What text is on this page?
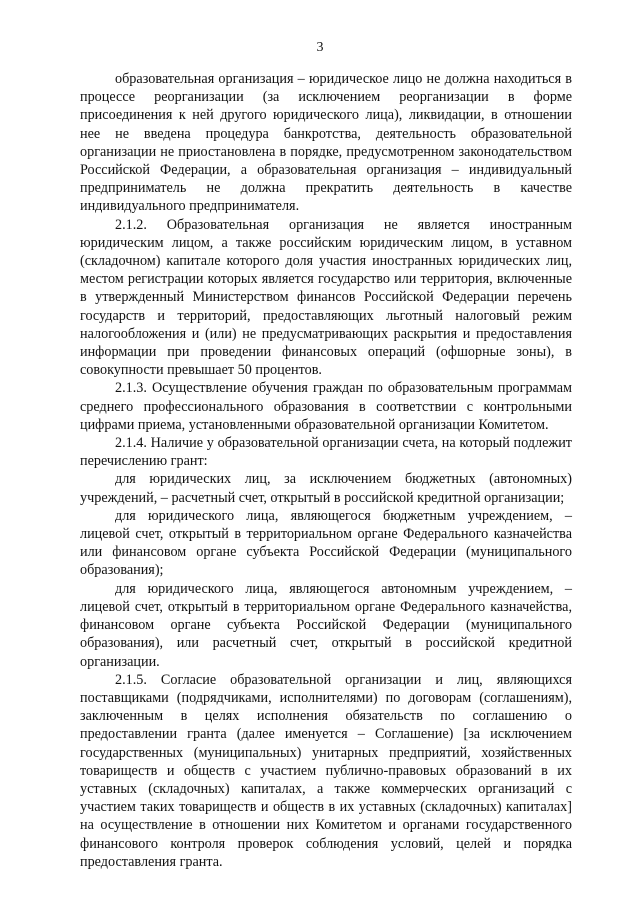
3

образовательная организация – юридическое лицо не должна находиться в процессе реорганизации (за исключением реорганизации в форме присоединения к ней другого юридического лица), ликвидации, в отношении нее не введена процедура банкротства, деятельность образовательной организации не приостановлена в порядке, предусмотренном законодательством Российской Федерации, а образовательная организация – индивидуальный предприниматель не должна прекратить деятельность в качестве индивидуального предпринимателя.

2.1.2. Образовательная организация не является иностранным юридическим лицом, а также российским юридическим лицом, в уставном (складочном) капитале которого доля участия иностранных юридических лиц, местом регистрации которых является государство или территория, включенные в утвержденный Министерством финансов Российской Федерации перечень государств и территорий, предоставляющих льготный налоговый режим налогообложения и (или) не предусматривающих раскрытия и предоставления информации при проведении финансовых операций (офшорные зоны), в совокупности превышает 50 процентов.

2.1.3. Осуществление обучения граждан по образовательным программам среднего профессионального образования в соответствии с контрольными цифрами приема, установленными образовательной организации Комитетом.

2.1.4. Наличие у образовательной организации счета, на который подлежит перечислению грант:

для юридических лиц, за исключением бюджетных (автономных) учреждений, – расчетный счет, открытый в российской кредитной организации;

для юридического лица, являющегося бюджетным учреждением, – лицевой счет, открытый в территориальном органе Федерального казначейства или финансовом органе субъекта Российской Федерации (муниципального образования);

для юридического лица, являющегося автономным учреждением, – лицевой счет, открытый в территориальном органе Федерального казначейства, финансовом органе субъекта Российской Федерации (муниципального образования), или расчетный счет, открытый в российской кредитной организации.

2.1.5. Согласие образовательной организации и лиц, являющихся поставщиками (подрядчиками, исполнителями) по договорам (соглашениям), заключенным в целях исполнения обязательств по соглашению о предоставлении гранта (далее именуется – Соглашение) [за исключением государственных (муниципальных) унитарных предприятий, хозяйственных товариществ и обществ с участием публично-правовых образований в их уставных (складочных) капиталах, а также коммерческих организаций с участием таких товариществ и обществ в их уставных (складочных) капиталах] на осуществление в отношении них Комитетом и органами государственного финансового контроля проверок соблюдения условий, целей и порядка предоставления гранта.
